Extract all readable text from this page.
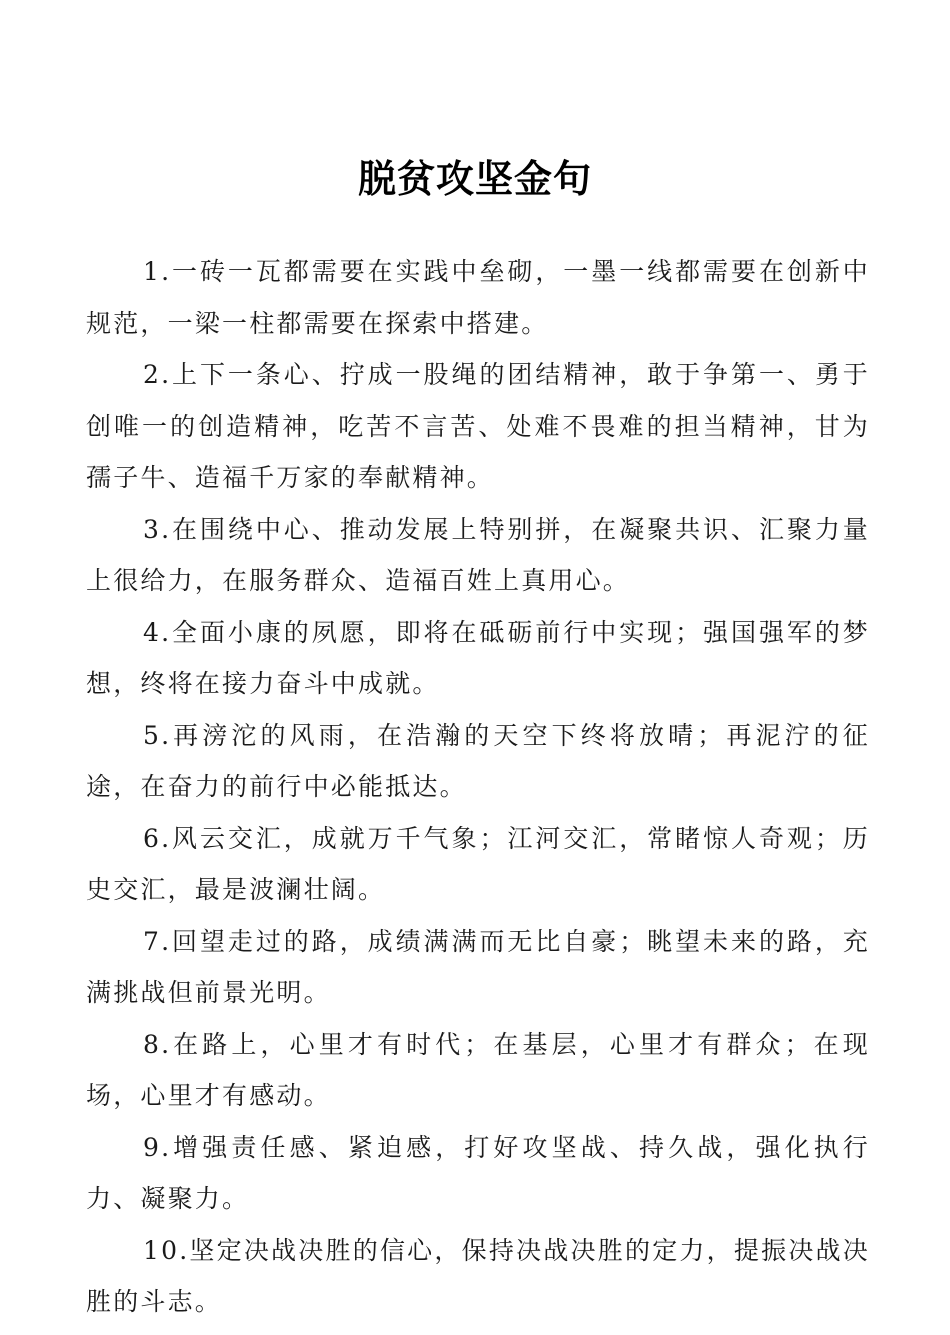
脱贫攻坚金句

1.一砖一瓦都需要在实践中垒砌，一墨一线都需要在创新中规范，一梁一柱都需要在探索中搭建。

2.上下一条心、拧成一股绳的团结精神，敢于争第一、勇于创唯一的创造精神，吃苦不言苦、处难不畏难的担当精神，甘为孺子牛、造福千万家的奉献精神。

3.在围绕中心、推动发展上特别拼，在凝聚共识、汇聚力量上很给力，在服务群众、造福百姓上真用心。

4.全面小康的夙愿，即将在砥砺前行中实现；强国强军的梦想，终将在接力奋斗中成就。

5.再滂沱的风雨，在浩瀚的天空下终将放晴；再泥泞的征途，在奋力的前行中必能抵达。

6.风云交汇，成就万千气象；江河交汇，常睹惊人奇观；历史交汇，最是波澜壮阔。

7.回望走过的路，成绩满满而无比自豪；眺望未来的路，充满挑战但前景光明。

8.在路上，心里才有时代；在基层，心里才有群众；在现场，心里才有感动。

9.增强责任感、紧迫感，打好攻坚战、持久战，强化执行力、凝聚力。

10.坚定决战决胜的信心，保持决战决胜的定力，提振决战决胜的斗志。
